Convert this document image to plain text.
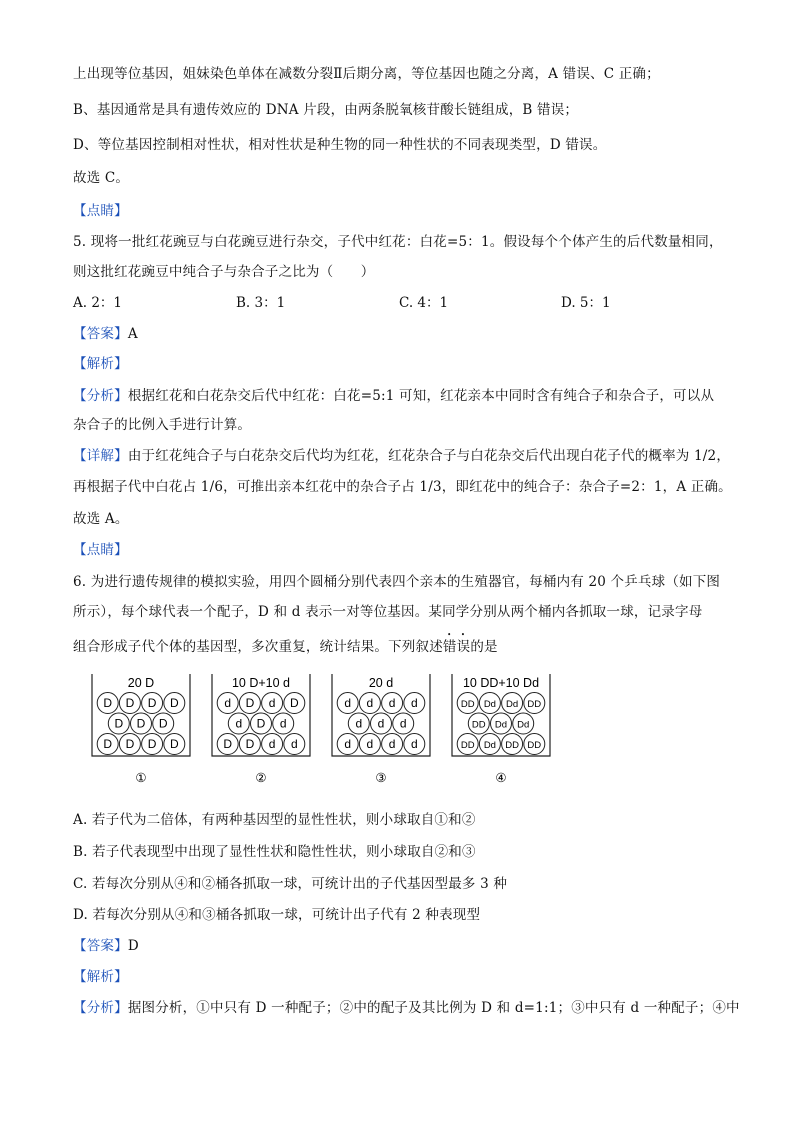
上出现等位基因，姐妹染色单体在减数分裂Ⅱ后期分离，等位基因也随之分离，A 错误、C 正确；
B、基因通常是具有遗传效应的 DNA 片段，由两条脱氧核苷酸长链组成，B 错误；
D、等位基因控制相对性状，相对性状是种生物的同一种性状的不同表现类型，D 错误。
故选 C。
【点睛】
5. 现将一批红花豌豆与白花豌豆进行杂交，子代中红花：白花=5：1。假设每个个体产生的后代数量相同，
则这批红花豌豆中纯合子与杂合子之比为（　　）
A. 2：1	B. 3：1	C. 4：1	D. 5：1
【答案】A
【解析】
【分析】根据红花和白花杂交后代中红花：白花=5:1 可知，红花亲本中同时含有纯合子和杂合子，可以从
杂合子的比例入手进行计算。
【详解】由于红花纯合子与白花杂交后代均为红花，红花杂合子与白花杂交后代出现白花子代的概率为 1/2，
再根据子代中白花占 1/6，可推出亲本红花中的杂合子占 1/3，即红花中的纯合子：杂合子=2：1，A 正确。
故选 A。
【点睛】
6. 为进行遗传规律的模拟实验，用四个圆桶分别代表四个亲本的生殖器官，每桶内有 20 个乒乓球（如下图
所示），每个球代表一个配子，D 和 d 表示一对等位基因。某同学分别从两个桶内各抓取一球，记录字母
组合形成子代个体的基因型，多次重复，统计结果。下列叙述错误的是
20 D
D D D D
D D D
D D D D
①
10 D+10 d
d D d D
d D d
D D d d
②
20 d
d d d d
d d d
d d d d
③
10 DD+10 Dd
DD Dd Dd DD
DD Dd Dd
DD Dd DD DD
④
A. 若子代为二倍体，有两种基因型的显性性状，则小球取自①和②
B. 若子代表现型中出现了显性性状和隐性性状，则小球取自②和③
C. 若每次分别从④和②桶各抓取一球，可统计出的子代基因型最多 3 种
D. 若每次分别从④和③桶各抓取一球，可统计出子代有 2 种表现型
【答案】D
【解析】
【分析】据图分析，①中只有 D 一种配子；②中的配子及其比例为 D 和 d=1:1；③中只有 d 一种配子；④中
